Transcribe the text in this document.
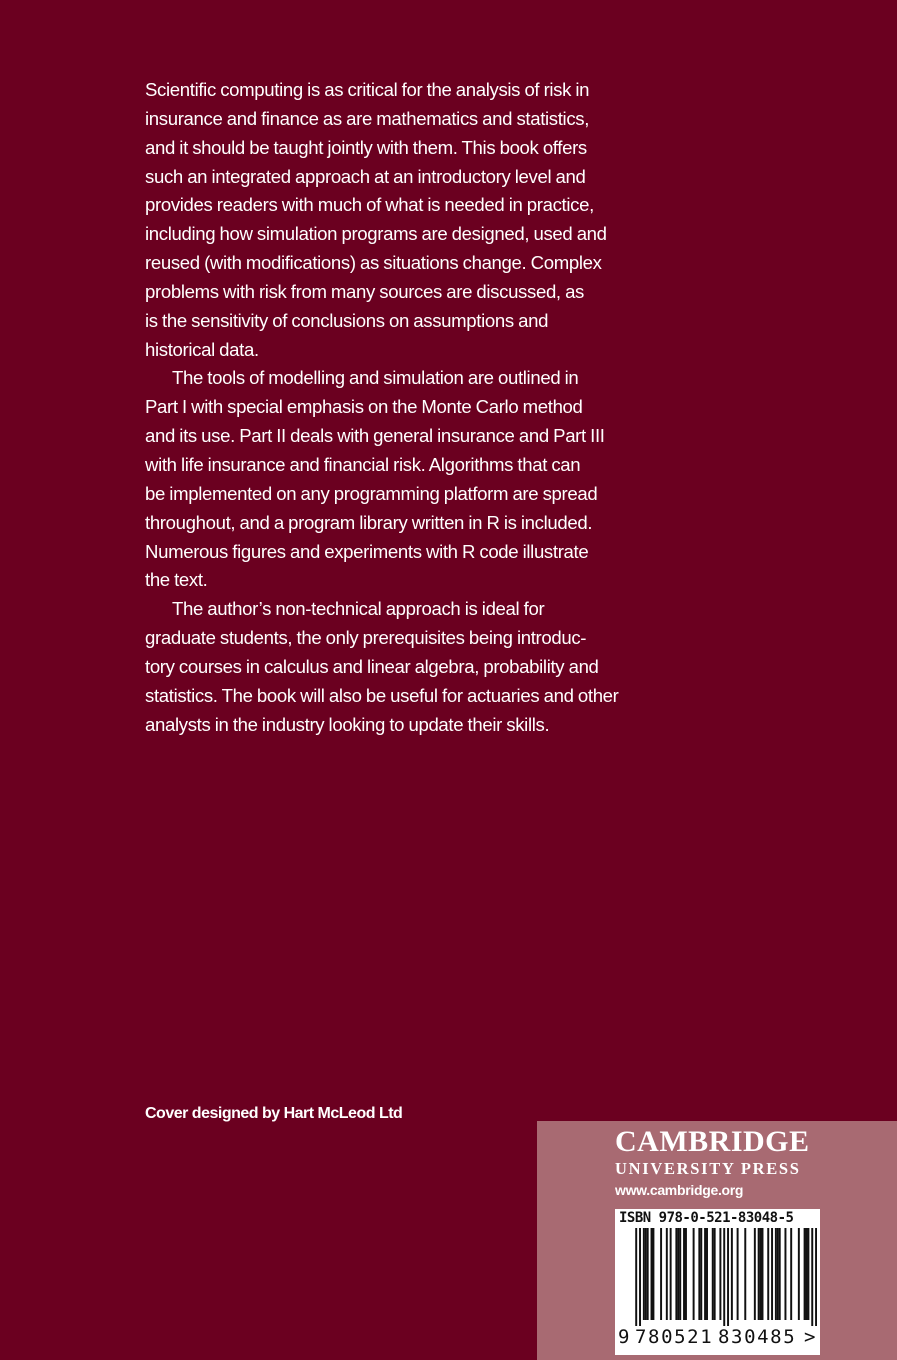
Scientific computing is as critical for the analysis of risk in
insurance and finance as are mathematics and statistics,
and it should be taught jointly with them. This book offers
such an integrated approach at an introductory level and
provides readers with much of what is needed in practice,
including how simulation programs are designed, used and
reused (with modifications) as situations change. Complex
problems with risk from many sources are discussed, as
is the sensitivity of conclusions on assumptions and
historical data.
The tools of modelling and simulation are outlined in
Part I with special emphasis on the Monte Carlo method
and its use. Part II deals with general insurance and Part III
with life insurance and financial risk. Algorithms that can
be implemented on any programming platform are spread
throughout, and a program library written in R is included.
Numerous figures and experiments with R code illustrate
the text.
The author’s non-technical approach is ideal for
graduate students, the only prerequisites being introduc-
tory courses in calculus and linear algebra, probability and
statistics. The book will also be useful for actuaries and other
analysts in the industry looking to update their skills.
Cover designed by Hart McLeod Ltd
CAMBRIDGE
UNIVERSITY PRESS
www.cambridge.org
ISBN 978-0-521-83048-5
9 780521 830485 >
